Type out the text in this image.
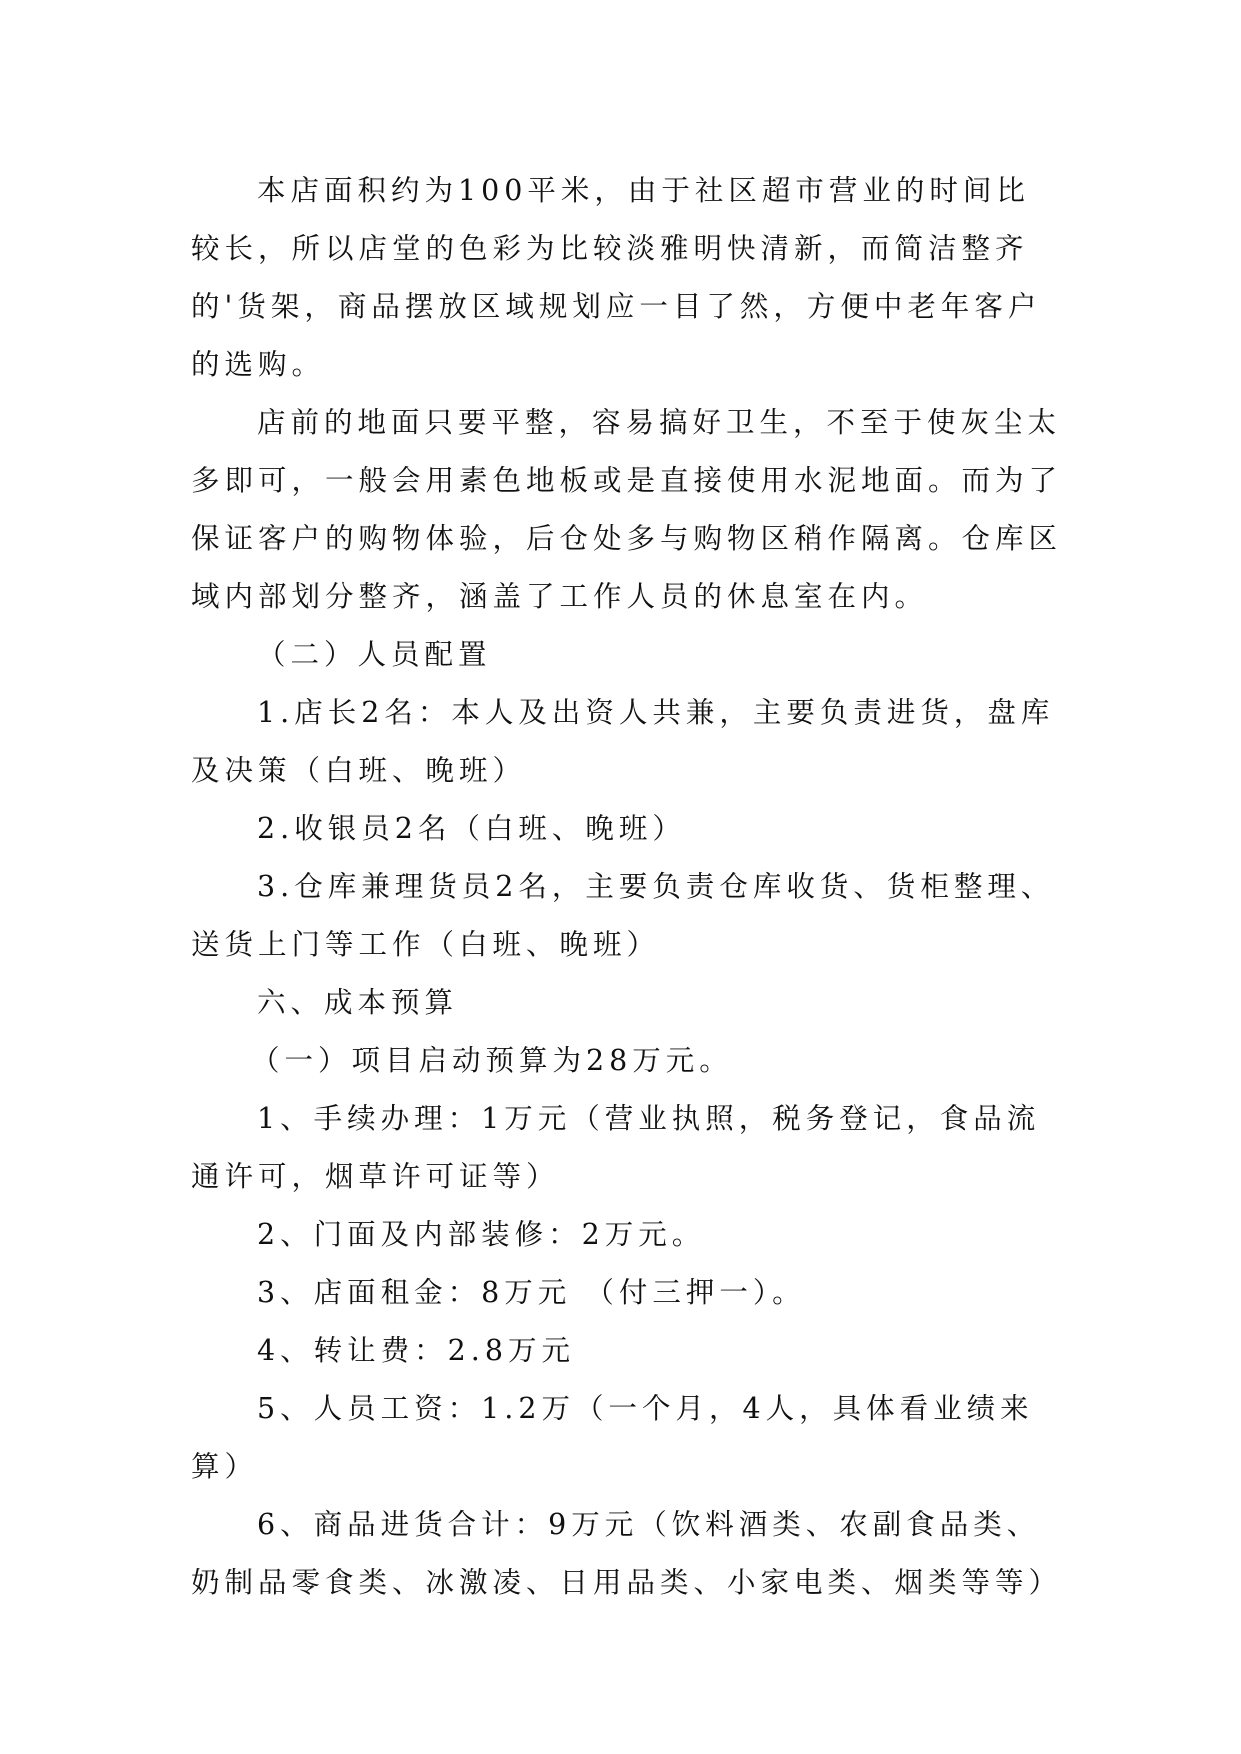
本店面积约为100平米，由于社区超市营业的时间比较长，所以店堂的色彩为比较淡雅明快清新，而简洁整齐的'货架，商品摆放区域规划应一目了然，方便中老年客户的选购。

店前的地面只要平整，容易搞好卫生，不至于使灰尘太多即可，一般会用素色地板或是直接使用水泥地面。而为了保证客户的购物体验，后仓处多与购物区稍作隔离。仓库区域内部划分整齐，涵盖了工作人员的休息室在内。

（二）人员配置

1.店长2名：本人及出资人共兼，主要负责进货，盘库及决策（白班、晚班）

2.收银员2名（白班、晚班）

3.仓库兼理货员2名，主要负责仓库收货、货柜整理、送货上门等工作（白班、晚班）

六、成本预算

（一）项目启动预算为28万元。

1、手续办理：1万元（营业执照，税务登记，食品流通许可，烟草许可证等）

2、门面及内部装修：2万元。

3、店面租金：8万元 （付三押一）。

4、转让费：2.8万元

5、人员工资：1.2万（一个月，4人，具体看业绩来算）

6、商品进货合计：9万元（饮料酒类、农副食品类、奶制品零食类、冰激凌、日用品类、小家电类、烟类等等）
